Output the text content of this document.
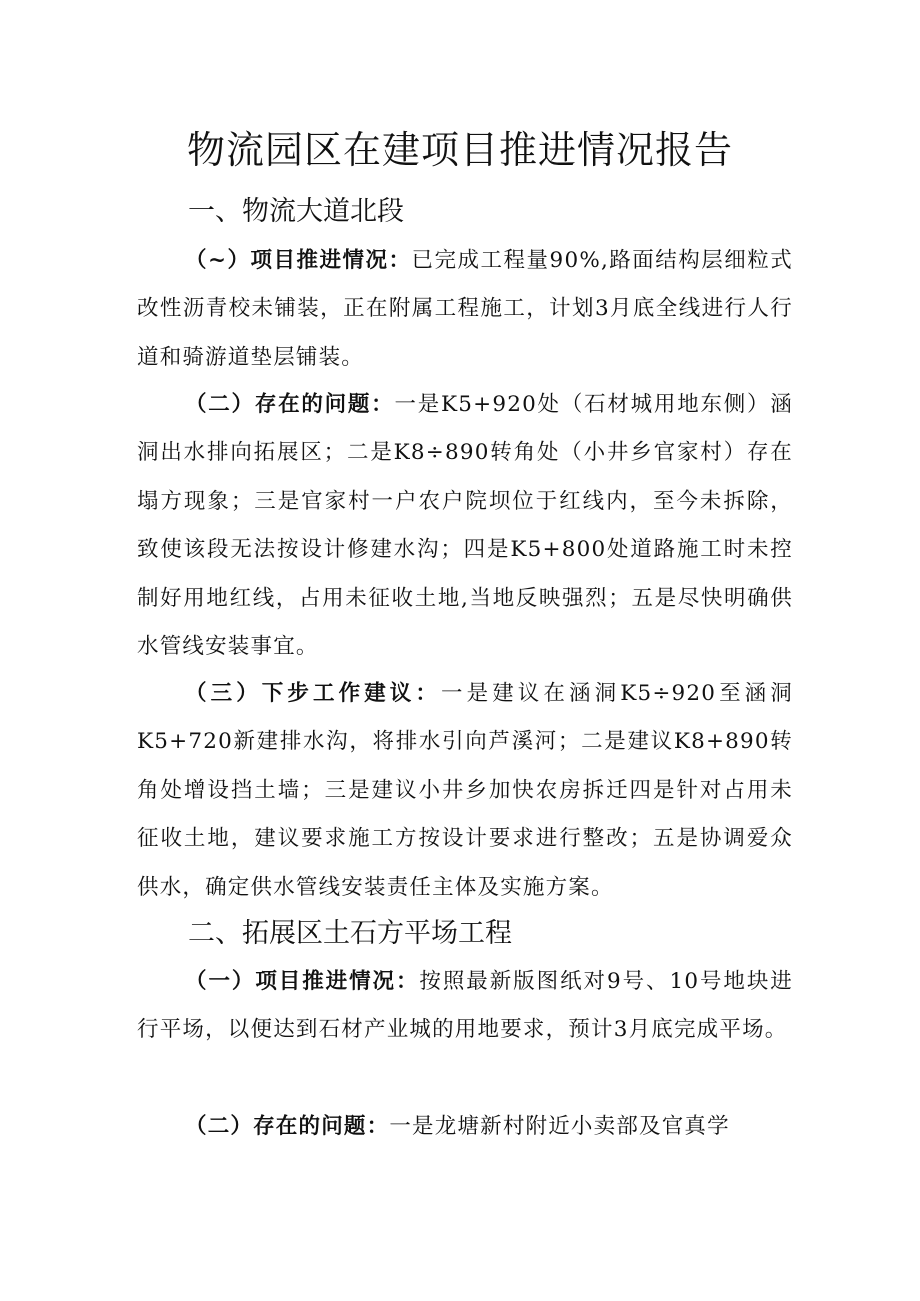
物流园区在建项目推进情况报告
一、物流大道北段

（~）项目推进情况：已完成工程量90%,路面结构层细粒式改性沥青校未铺装，正在附属工程施工，计划3月底全线进行人行道和骑游道垫层铺装。

（二）存在的问题：一是K5+920处（石材城用地东侧）涵洞出水排向拓展区；二是K8÷890转角处（小井乡官家村）存在塌方现象；三是官家村一户农户院坝位于红线内，至今未拆除，致使该段无法按设计修建水沟；四是K5+800处道路施工时未控制好用地红线，占用未征收土地,当地反映强烈；五是尽快明确供水管线安装事宜。

（三）下步工作建议：一是建议在涵洞K5÷920至涵洞K5+720新建排水沟，将排水引向芦溪河；二是建议K8+890转角处增设挡土墙；三是建议小井乡加快农房拆迁四是针对占用未征收土地，建议要求施工方按设计要求进行整改；五是协调爱众供水，确定供水管线安装责任主体及实施方案。

二、拓展区土石方平场工程

（一）项目推进情况：按照最新版图纸对9号、10号地块进行平场，以便达到石材产业城的用地要求，预计3月底完成平场。

（二）存在的问题：一是龙塘新村附近小卖部及官真学
